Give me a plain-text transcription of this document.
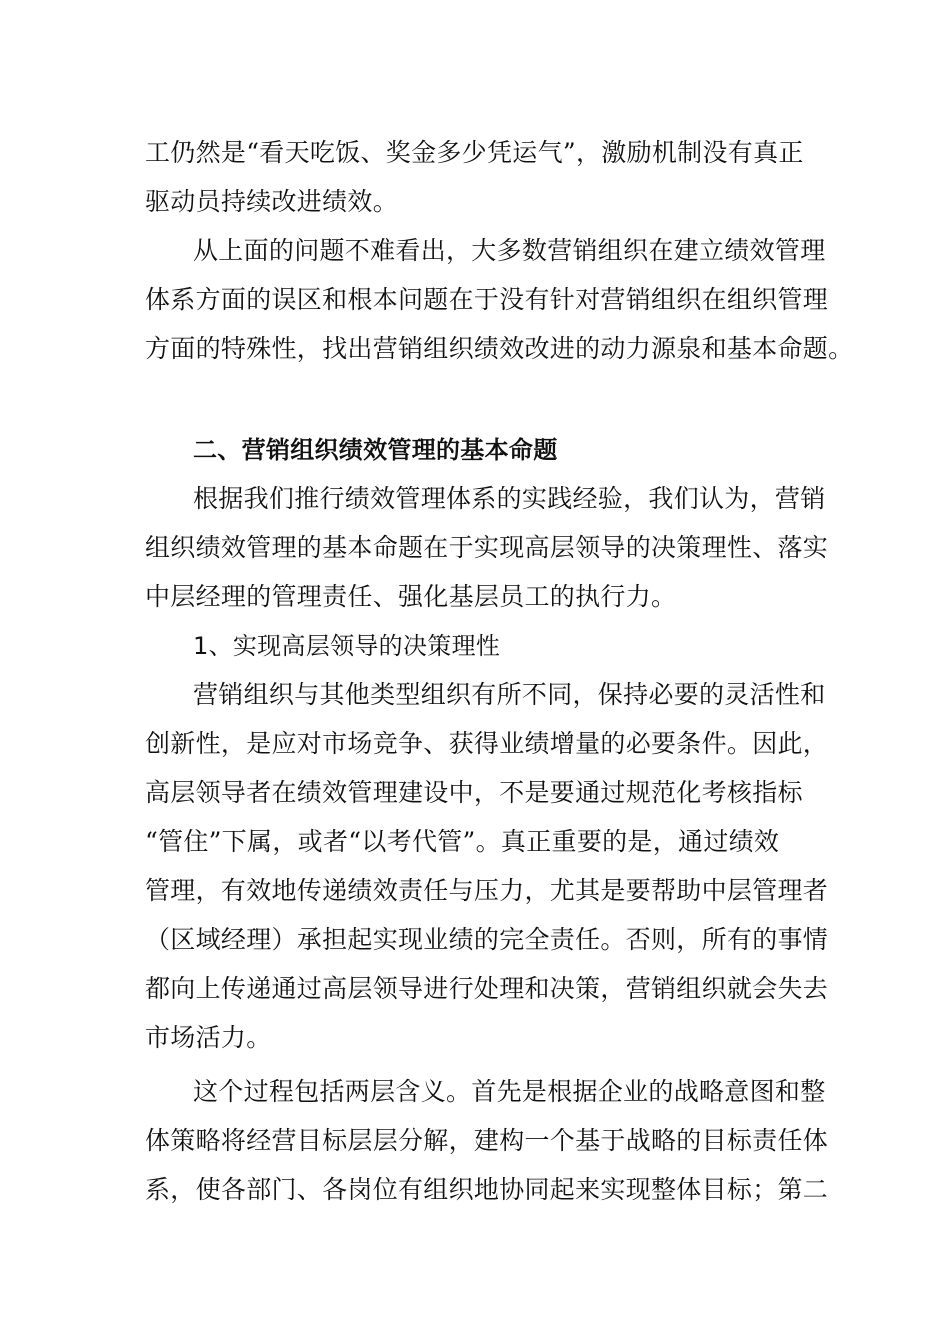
工仍然是“看天吃饭、奖金多少凭运气”，激励机制没有真正
驱动员持续改进绩效。
从上面的问题不难看出，大多数营销组织在建立绩效管理
体系方面的误区和根本问题在于没有针对营销组织在组织管理
方面的特殊性，找出营销组织绩效改进的动力源泉和基本命题。
二、营销组织绩效管理的基本命题
根据我们推行绩效管理体系的实践经验，我们认为，营销
组织绩效管理的基本命题在于实现高层领导的决策理性、落实
中层经理的管理责任、强化基层员工的执行力。
1、实现高层领导的决策理性
营销组织与其他类型组织有所不同，保持必要的灵活性和
创新性，是应对市场竞争、获得业绩增量的必要条件。因此，
高层领导者在绩效管理建设中，不是要通过规范化考核指标
“管住”下属，或者“以考代管”。真正重要的是，通过绩效
管理，有效地传递绩效责任与压力，尤其是要帮助中层管理者
（区域经理）承担起实现业绩的完全责任。否则，所有的事情
都向上传递通过高层领导进行处理和决策，营销组织就会失去
市场活力。
这个过程包括两层含义。首先是根据企业的战略意图和整
体策略将经营目标层层分解，建构一个基于战略的目标责任体
系，使各部门、各岗位有组织地协同起来实现整体目标；第二
